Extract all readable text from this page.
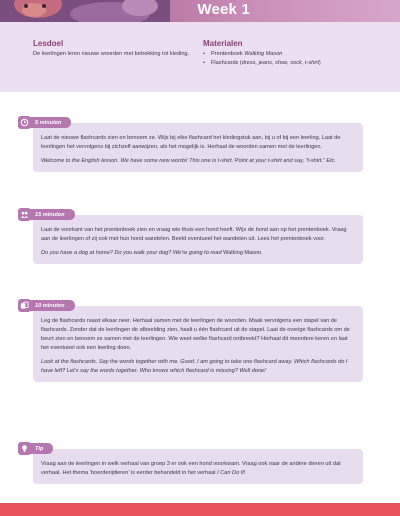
Week 1
Lesdoel
De leerlingen leren nieuwe woorden met betrekking tot kleding.
Materialen
• Prentenboek Walking Mason
• Flashcards (dress, jeans, shoe, sock, t-shirt)
5 minuten

Laat de nieuwe flashcards zien en benoem ze. Wijs bij elke flashcard het kledingstuk aan, bij u of bij een leerling. Laat de leerlingen het vervolgens bij zichzelf aanwijzen, als het mogelijk is. Herhaal de woorden samen met de leerlingen.

Welcome to the English lesson. We have some new words! This one is t-shirt. Point at your t-shirt and say, “t-shirt.” Etc.

15 minuten

Laat de voorkant van het prentenboek zien en vraag wie thuis een hond heeft. Wijs de hond aan op het prentenboek. Vraag aan de leerlingen of zij ook met hun hond wandelen. Beeld eventueel het wandelen uit. Lees het prentenboek voor.

Do you have a dog at home? Do you walk your dog? We’re going to read Walking Mason.

10 minuten

Leg de flashcards naast elkaar neer. Herhaal samen met de leerlingen de woorden. Maak vervolgens een stapel van de flashcards. Zonder dat de leerlingen de afbeelding zien, haalt u één flashcard uit de stapel. Laat de overige flashcards om de beurt zien en benoem ze samen met de leerlingen. Wie weet welke flashcard ontbreekt? Herhaal dit meerdere keren en laat het eventueel ook een leerling doen.

Look at the flashcards. Say the words together with me. Good. I am going to take one flashcard away. Which flashcards do I have left? Let’s say the words together. Who knows which flashcard is missing? Well done!

Tip

Vraag aan de leerlingen in welk verhaal van groep 3 er ook een hond voorkwam. Vraag ook naar de andere dieren uit dat verhaal. Het thema ‘boerderijdieren’ is eerder behandeld in het verhaal I Can Do It!
